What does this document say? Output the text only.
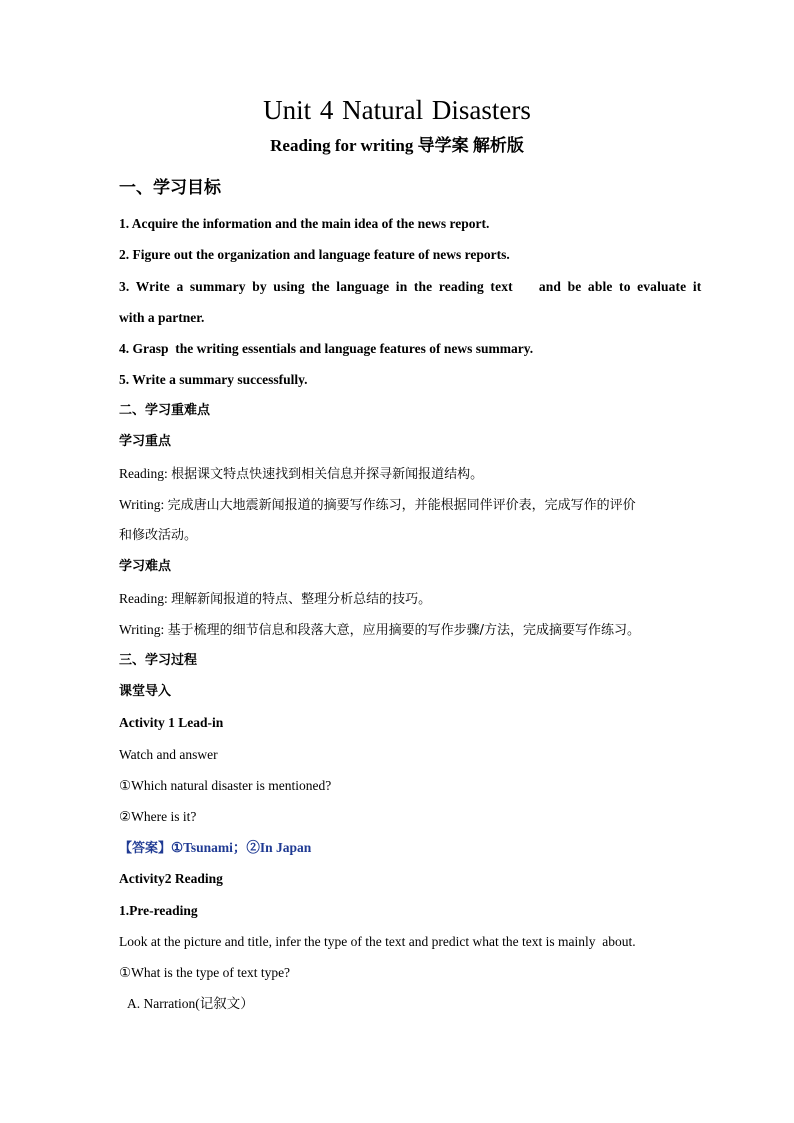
Unit 4 Natural Disasters
Reading for writing 导学案 解析版
一、学习目标
1. Acquire the information and the main idea of the news report.
2. Figure out the organization and language feature of news reports.
3. Write a summary by using the language in the reading text    and be able to evaluate it
with a partner.
4. Grasp  the writing essentials and language features of news summary.
5. Write a summary successfully.
二、学习重难点
学习重点
Reading: 根据课文特点快速找到相关信息并探寻新闻报道结构。
Writing: 完成唐山大地震新闻报道的摘要写作练习，并能根据同伴评价表，完成写作的评价
和修改活动。
学习难点
Reading: 理解新闻报道的特点、整理分析总结的技巧。
Writing: 基于梳理的细节信息和段落大意，应用摘要的写作步骤/方法，完成摘要写作练习。
三、学习过程
课堂导入
Activity 1 Lead-in
Watch and answer
①Which natural disaster is mentioned?
②Where is it?
【答案】①Tsunami；②In Japan
Activity2 Reading
1.Pre-reading
Look at the picture and title, infer the type of the text and predict what the text is mainly  about.
①What is the type of text type?
A. Narration(记叙文）
